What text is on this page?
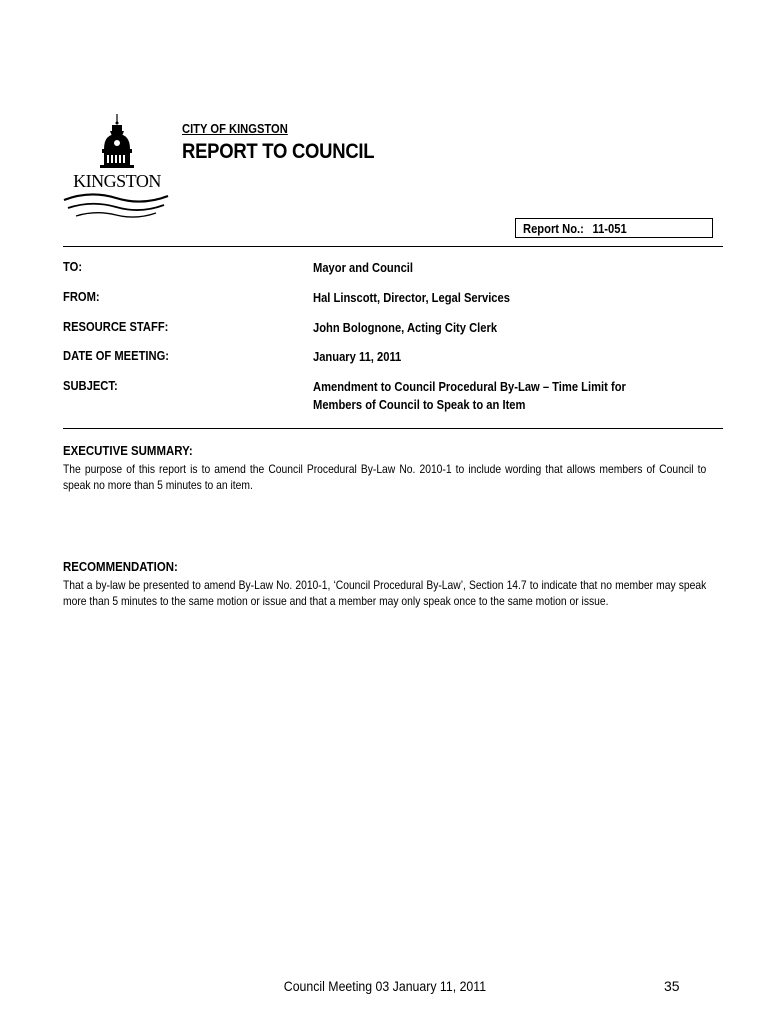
KINGSTON
CITY OF KINGSTON
REPORT TO COUNCIL
Report No.: 11-051
TO:	Mayor and Council
FROM:	Hal Linscott, Director, Legal Services
RESOURCE STAFF:	John Bolognone, Acting City Clerk
DATE OF MEETING:	January 11, 2011
SUBJECT:	Amendment to Council Procedural By-Law – Time Limit for
Members of Council to Speak to an Item
EXECUTIVE SUMMARY:
The purpose of this report is to amend the Council Procedural By-Law No. 2010-1 to include wording that allows members of Council to speak no more than 5 minutes to an item.
RECOMMENDATION:
That a by-law be presented to amend By-Law No. 2010-1, ‘Council Procedural By-Law’, Section 14.7 to indicate that no member may speak more than 5 minutes to the same motion or issue and that a member may only speak once to the same motion or issue.
Council Meeting 03 January 11, 2011	35
